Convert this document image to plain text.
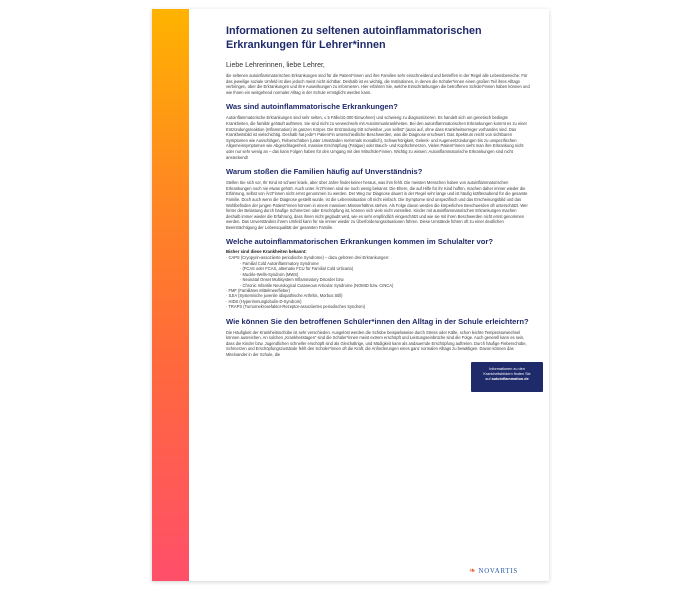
Informationen zu seltenen autoinflammatorischen Erkrankungen für Lehrer*innen
Liebe Lehrerinnen, liebe Lehrer,

die seltenen autoinflammatorischen Erkrankungen sind für die Patient*innen und ihre Familien sehr einschneidend und betreffen in der Regel alle Lebensbereiche. Für das jeweilige soziale Umfeld ist dies jedoch meist nicht sichtbar. Deshalb ist es wichtig, die Institutionen, in denen die Schüler*innen einen großen Teil ihres Alltags verbringen, über die Erkrankungen und ihre Auswirkungen zu informieren. Hier erfahren Sie, welche Einschränkungen die betroffenen Schüler*innen haben können und wie Ihnen ein weitgehend normaler Alltag in der Schule ermöglicht werden kann.

Was sind autoinflammatorische Erkrankungen?

Autoinflammatorische Erkrankungen sind sehr selten, ≤ 5 Fälle/10.000 Einwohner) und schwierig zu diagnostizieren. Es handelt sich um genetisch bedingte Krankheiten, die familiär gehäuft auftreten. Sie sind nicht zu verwechseln mit Autoimmunkrankheiten. Bei den autoinflammatorischen Erkrankungen kommt es zu einer Entzündungsreaktion (Inflammation) im ganzen Körper. Die Entzündung tritt scheinbar „von selbst“ (autoi auf, ohne dass Krankheitserreger vorhanden sind. Das Krankheitsbild ist vielschichtig. Deshalb hat jede*r Patient*in unterschiedliche Beschwerden, was die Diagnose erschwert. Das Spektrum reicht von sichtbaren Symptomen wie Ausschlägen, Fieberschüben (unter Umständen mehrmals monatlich), Schwerhörigkeit, Gelenk- und Augenentzündungen bis zu unspezifischen Allgemeinsymptomen wie Abgeschlagenheit, massive Erschöpfung (Fatigue) oder Bauch- und Kopfschmerzen. Vielen Patient*innen sieht man ihre Erkrankung nicht oder nur sehr wenig an – das kann Folgen haben für den Umgang mit den Mitschüler*innen. Wichtig zu wissen: Autoinflammatorische Erkrankungen sind nicht ansteckend!

Warum stoßen die Familien häufig auf Unverständnis?

Stellen Sie sich vor, Ihr Kind ist schwer krank, aber über Jahre findet keiner heraus, was ihm fehlt. Die meisten Menschen haben von autoinflammatorischen Erkrankungen noch nie etwas gehört. Auch unter Ärzt*innen sind sie noch wenig bekannt. Die Eltern, die auf Hilfe für ihr Kind hoffen, machen daher immer wieder die Erfahrung, selbst von Ärzt*innen nicht ernst genommen zu werden. Der Weg zur Diagnose dauert in der Regel sehr lange und ist häufig kräfteraubend für die gesamte Familie. Doch auch wenn die Diagnose gestellt wurde, ist die Lebenssituation oft nicht einfach. Die Symptome sind unspezifisch und das Erscheinungsbild und das Wohlbefinden der jungen Patient*innen können in einem massiven Missverhältnis stehen. Als Folge davon werden die körperlichen Beschwerden oft unterschätzt. Wer hinter der Belastung durch häufige Schmerzen oder Erschöpfung ist, können sich viele nicht vorstellen. Kinder mit autoinflammatorischen Erkrankungen machen deshalb immer wieder die Erfahrung, dass ihnen nicht geglaubt wird, wie es sehr empfindlich eingeschätzt und wie sie mit ihren Beschwerden nicht ernst genommen werden. Das Unverständnis ihrem Umfeld kann für sie immer wieder zu Überforderungssituationen führen. Diese Umstände führen oft zu einer deutlichen Beeinträchtigung der Lebensqualität der gesamten Familie.

Welche autoinflammatorischen Erkrankungen kommen im Schulalter vor?
Bisher sind diese Krankheiten bekannt:
· CAPS (Cryopyrin-assoziierte periodische Syndrome) – dazu gehören drei Erkrankungen:
· Familial Cold Autoinflammatory Syndrome
· (FCAS oder FCAS, alternativ FCU für Familial Cold Urticaria)
· Muckle-Wells-Syndrom (MWS)
· Neonatal Onset Multisystem Inflammatory Disorder bzw.
· Chronic Infantile Neurological Cutaneous Articular Syndrome (NOMID bzw. CINCA)
· FMF (Familiäres Mittelmeerfieber)
· SJIA (Systemische juvenile idiopathische Arthritis, Morbus Still)
· HIDS (Hyperimmunglobulin-D-Syndrom)
· TRAPS (Tumornekrosefaktor-Rezeptor-assoziiertes periodisches Syndrom)
Wie können Sie den betroffenen Schüler*innen den Alltag in der Schule erleichtern?

Die Häufigkeit der Krankheitsschübe ist sehr verschieden. Ausgelöst werden die Schübe beispielsweise durch Stress oder Kälte, schon leichte Temperaturwechsel können ausreichen. An solchen „Krankheitstagen“ sind die Schüler*innen meist extrem erschöpft und Leistungseinbrüche sind die Folge. Auch generell kann es sein, dass die Kinder bzw. Jugendlichen schneller erschöpft sind als Gleichaltrige, und Müdigkeit kann als andauernde Erschöpfung auftreten. Durch häufige Fieberschübe, Schmerzen und Erschöpfungszustände fehlt den Schüler*innen oft die Kraft, die Anforderungen eines ganz normalen Alltags zu bewältigen. Davon können das Miteinander in der Schule, die

Informationen zu den
Krankheitsbildern finden Sie
auf autoinflammation.de
❧ NOVARTIS
